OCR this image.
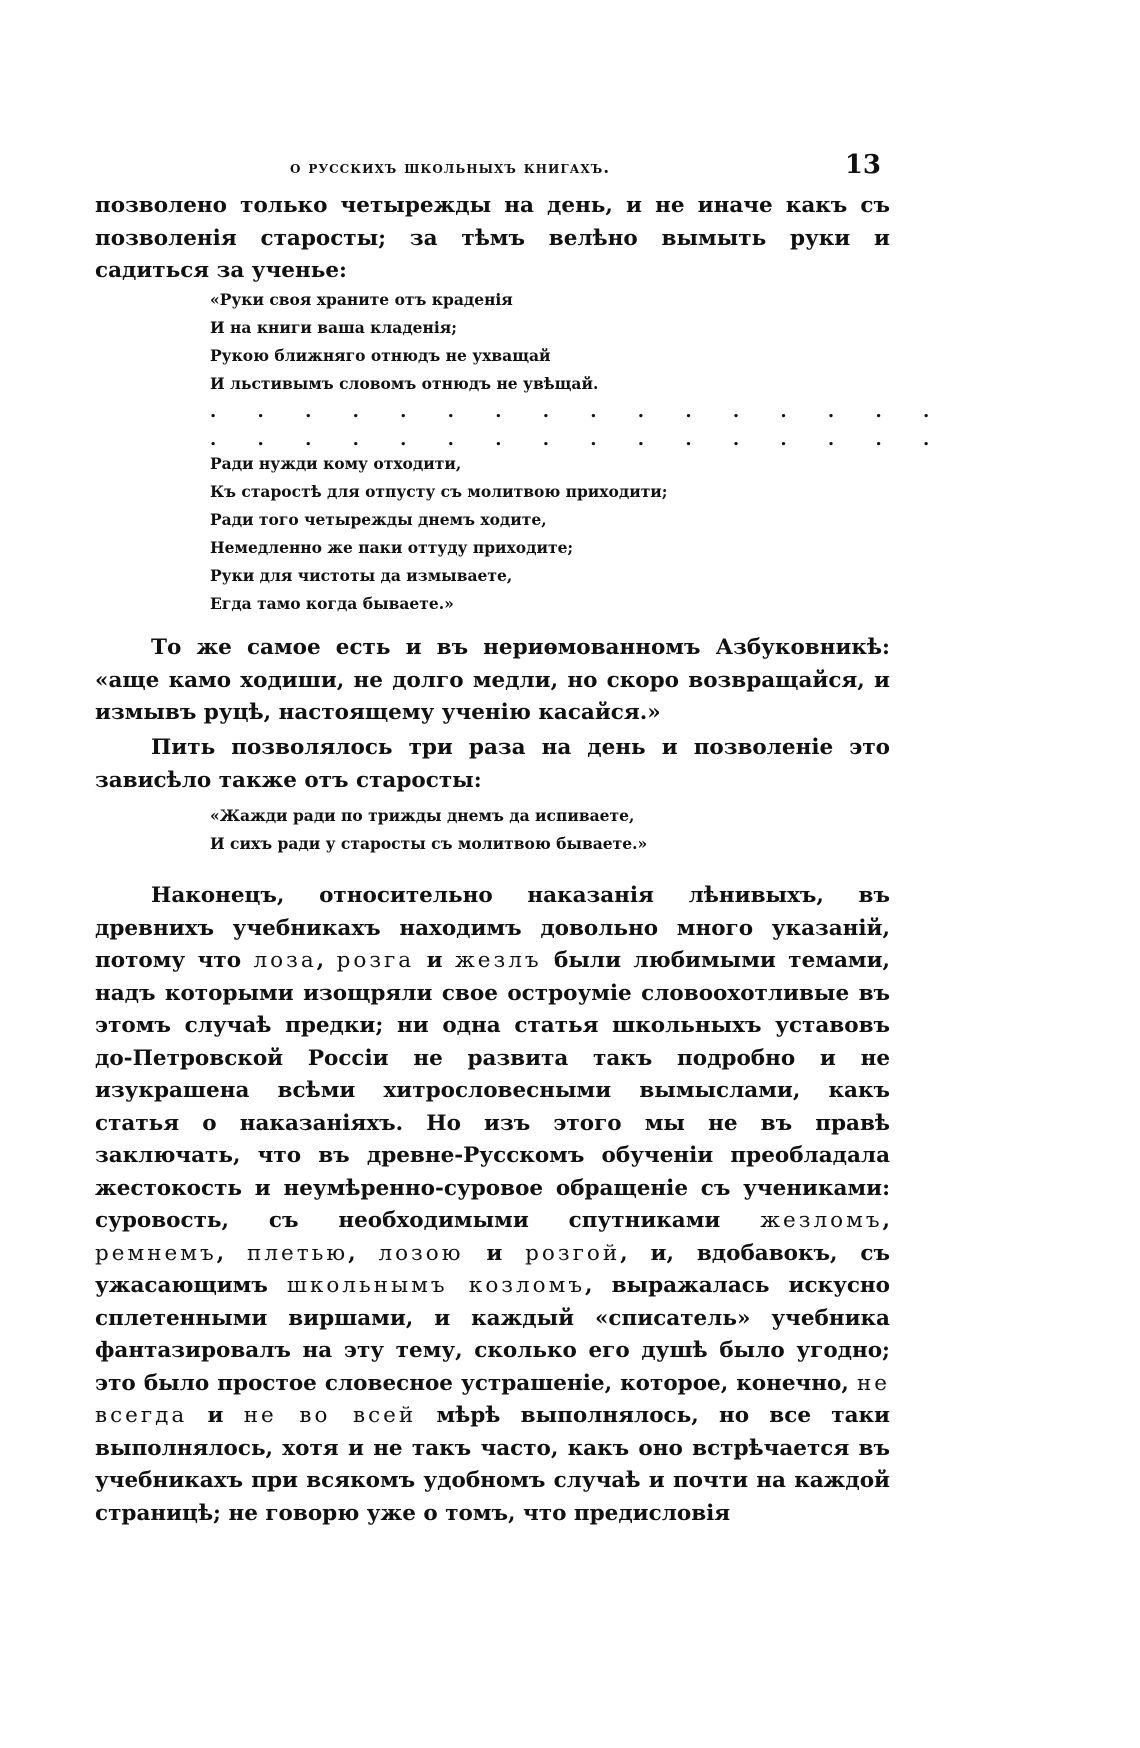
о русскихъ школьныхъ книгахъ.	13

позволено только четырежды на день, и не иначе какъ съ позволенія старосты; за тѣмъ велѣно вымыть руки и садиться за ученье:

«Руки своя храните отъ краденія
И на книги ваша кладенія;
Рукою ближняго отнюдъ не ухващай
И льстивымъ словомъ отнюдъ не увѣщай.
. . . . . . . . . . . . . . . .
. . . . . . . . . . . . . . . .
Ради нужди кому отходити,
Къ старостѣ для отпусту съ молитвою приходити;
Ради того четырежды днемъ ходите,
Немедленно же паки оттуду приходите;
Руки для чистоты да измываете,
Егда тамо когда бываете.»

То же самое есть и въ нериѳмованномъ Азбуковникѣ: «аще камо ходиши, не долго медли, но скоро возвращайся, и измывъ руцѣ, настоящему ученію касайся.»

Пить позволялось три раза на день и позволеніе это зависѣло также отъ старосты:

«Жажди ради по трижды днемъ да испиваете,
И сихъ ради у старосты съ молитвою бываете.»

Наконецъ, относительно наказанія лѣнивыхъ, въ древнихъ учебникахъ находимъ довольно много указаній, потому что лоза, розга и жезлъ были любимыми темами, надъ которыми изощряли свое остроуміе словоохотливые въ этомъ случаѣ предки; ни одна статья школьныхъ уставовъ до-Петровской Россіи не развита такъ подробно и не изукрашена всѣми хитрословесными вымыслами, какъ статья о наказаніяхъ. Но изъ этого мы не въ правѣ заключать, что въ древне-Русскомъ обученіи преобладала жестокость и неумѣренно-суровое обращеніе съ учениками: суровость, съ необходимыми спутниками жезломъ, ремнемъ, плетью, лозою и розгой, и, вдобавокъ, съ ужасающимъ школьнымъ козломъ, выражалась искусно сплетенными виршами, и каждый «списатель» учебника фантазировалъ на эту тему, сколько его душѣ было угодно; это было простое словесное устрашеніе, которое, конечно, не всегда и не во всей мѣрѣ выполнялось, но все таки выполнялось, хотя и не такъ часто, какъ оно встрѣчается въ учебникахъ при всякомъ удобномъ случаѣ и почти на каждой страницѣ; не говорю уже о томъ, что предисловія
